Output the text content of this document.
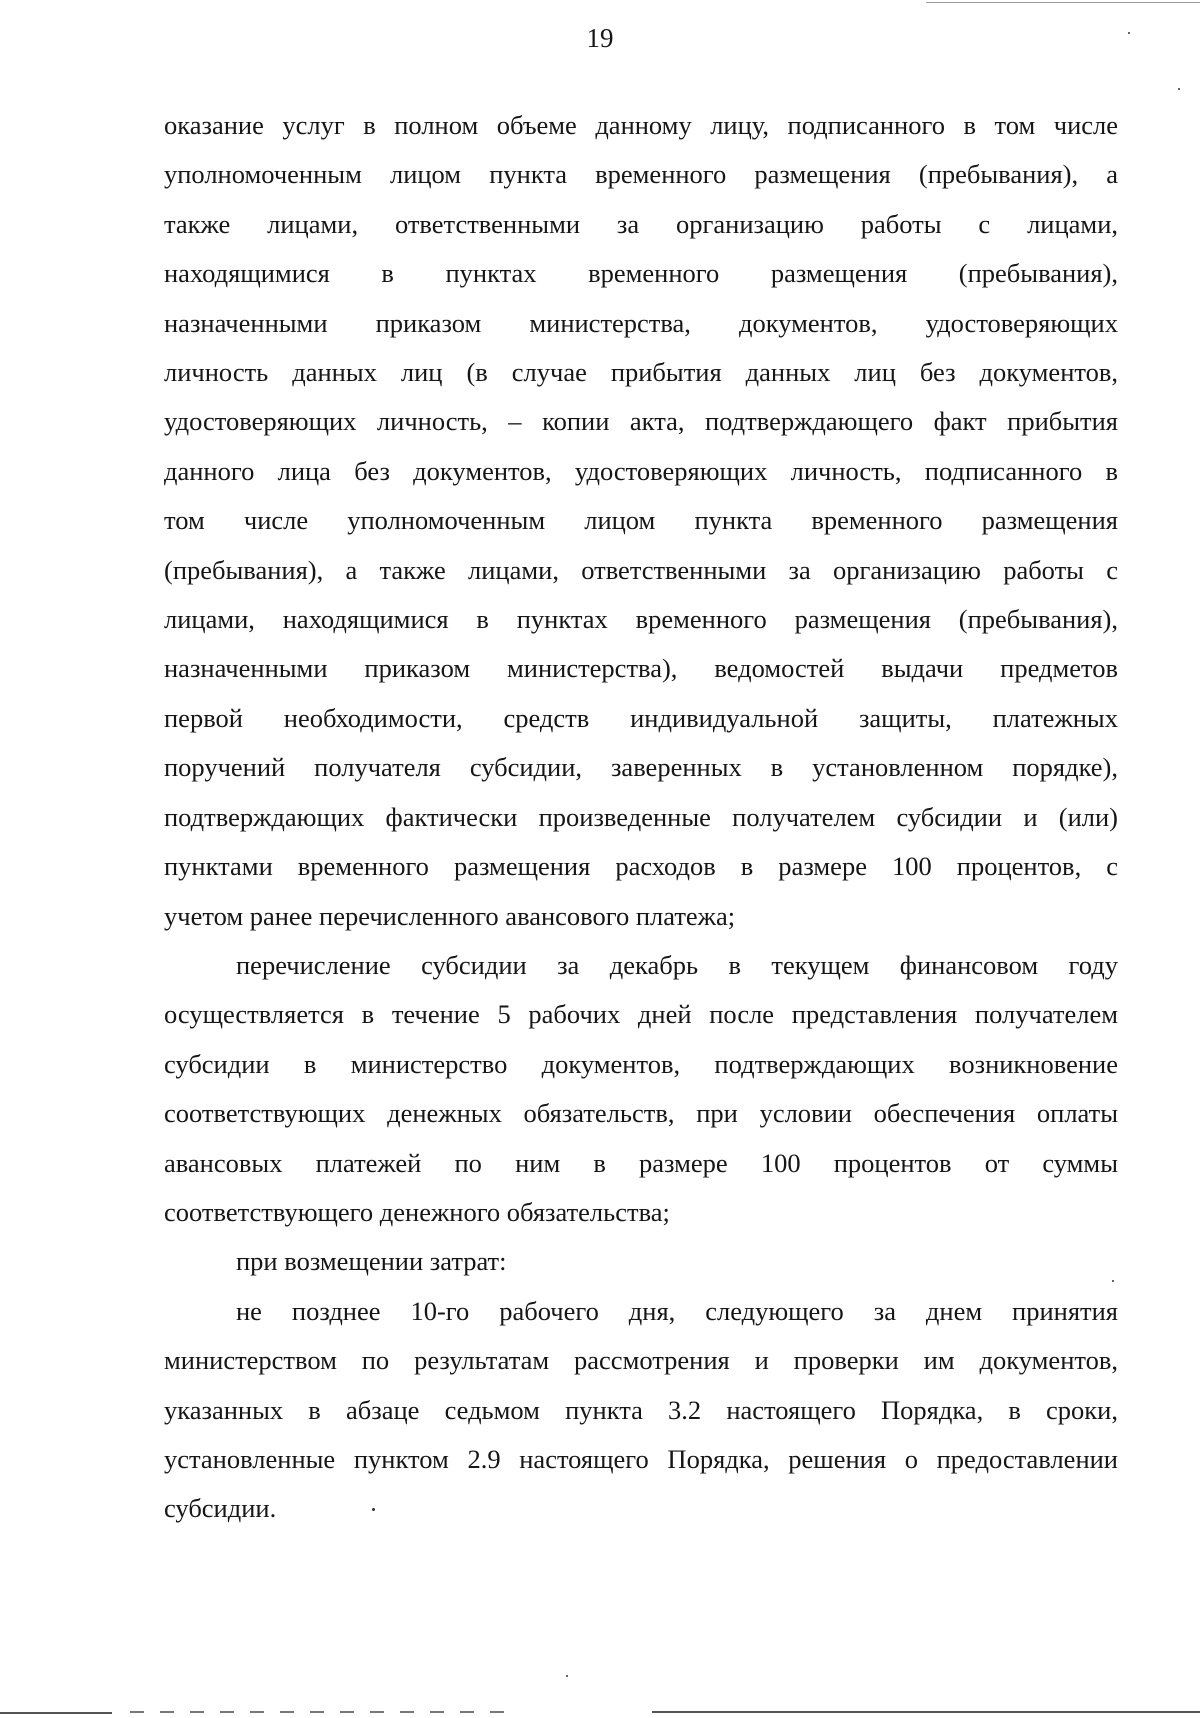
19
оказание услуг в полном объеме данному лицу, подписанного в том числе
уполномоченным лицом пункта временного размещения (пребывания), а
также лицами, ответственными за организацию работы с лицами,
находящимися в пунктах временного размещения (пребывания),
назначенными приказом министерства, документов, удостоверяющих
личность данных лиц (в случае прибытия данных лиц без документов,
удостоверяющих личность, – копии акта, подтверждающего факт прибытия
данного лица без документов, удостоверяющих личность, подписанного в
том числе уполномоченным лицом пункта временного размещения
(пребывания), а также лицами, ответственными за организацию работы с
лицами, находящимися в пунктах временного размещения (пребывания),
назначенными приказом министерства), ведомостей выдачи предметов
первой необходимости, средств индивидуальной защиты, платежных
поручений получателя субсидии, заверенных в установленном порядке),
подтверждающих фактически произведенные получателем субсидии и (или)
пунктами временного размещения расходов в размере 100 процентов, с
учетом ранее перечисленного авансового платежа;
перечисление субсидии за декабрь в текущем финансовом году
осуществляется в течение 5 рабочих дней после представления получателем
субсидии в министерство документов, подтверждающих возникновение
соответствующих денежных обязательств, при условии обеспечения оплаты
авансовых платежей по ним в размере 100 процентов от суммы
соответствующего денежного обязательства;
при возмещении затрат:
не позднее 10-го рабочего дня, следующего за днем принятия
министерством по результатам рассмотрения и проверки им документов,
указанных в абзаце седьмом пункта 3.2 настоящего Порядка, в сроки,
установленные пунктом 2.9 настоящего Порядка, решения о предоставлении
субсидии.
